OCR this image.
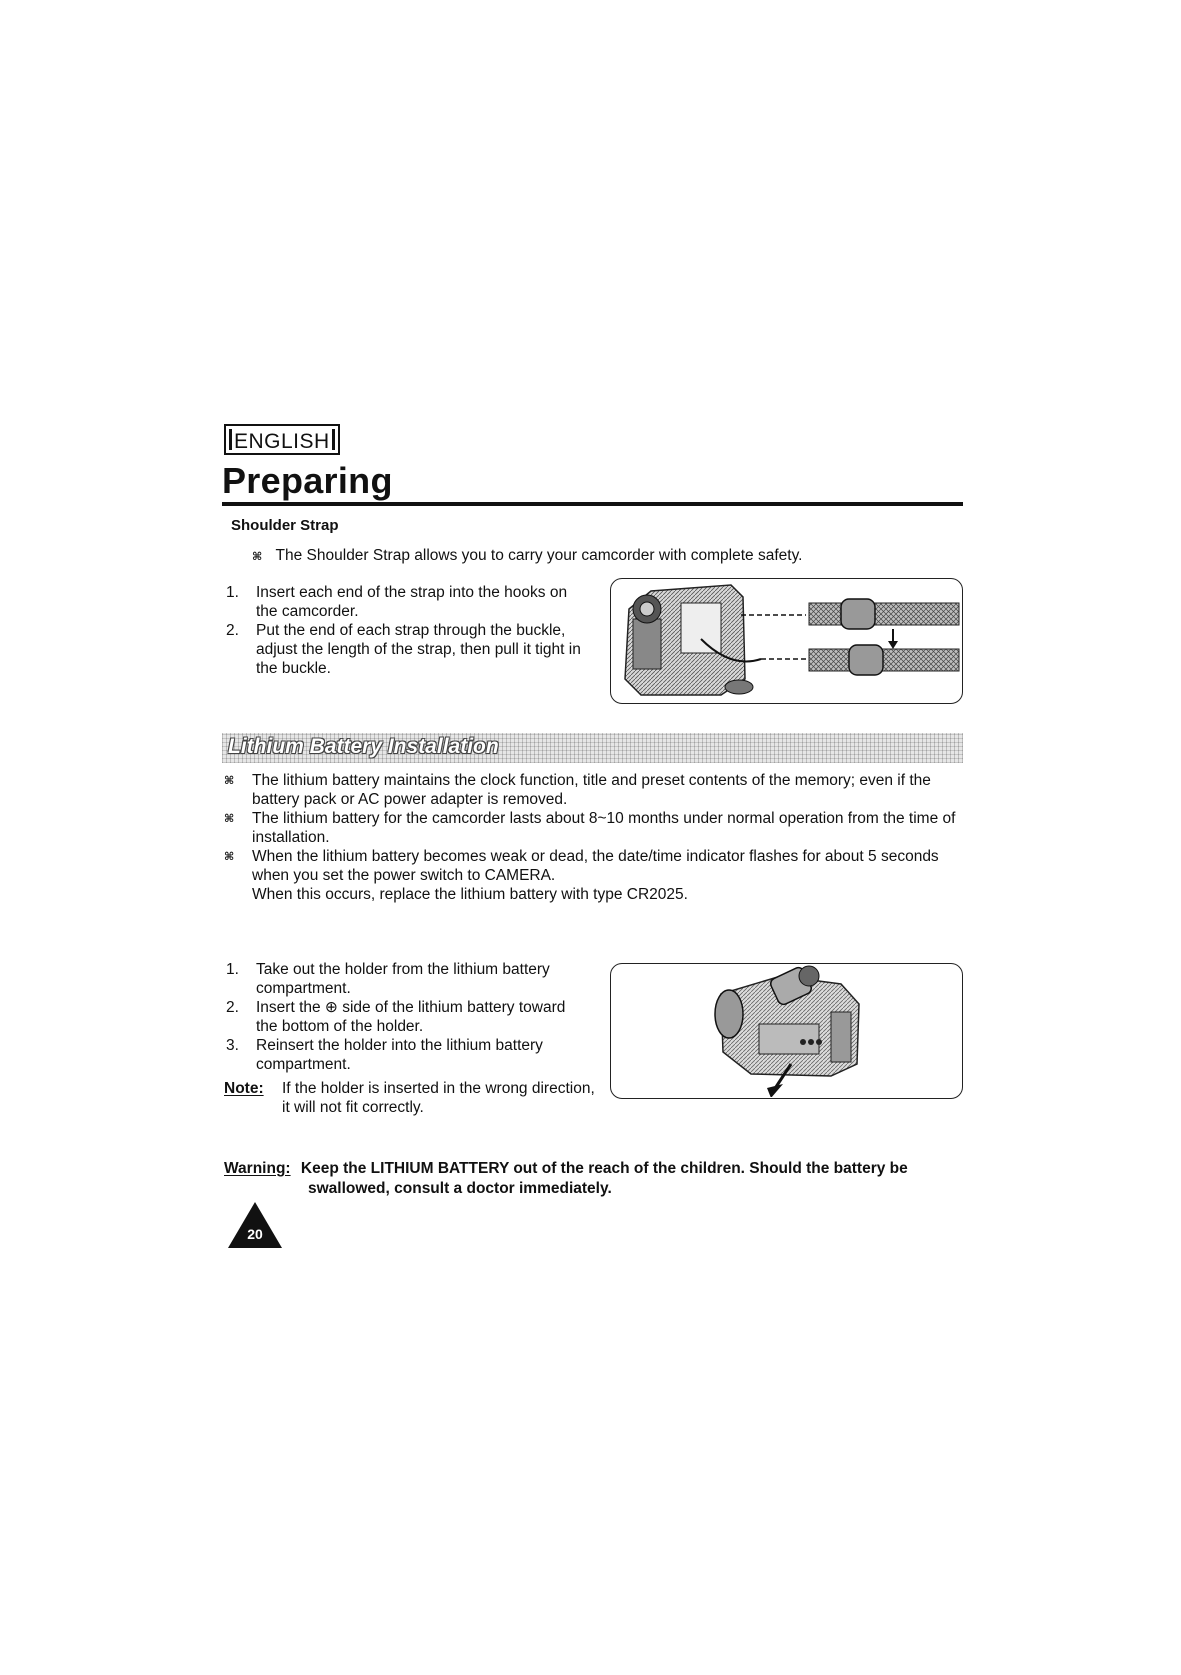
ENGLISH
Preparing
Shoulder Strap
⌘ The Shoulder Strap allows you to carry your camcorder with complete safety.
1. Insert each end of the strap into the hooks on
the camcorder.
2. Put the end of each strap through the buckle,
adjust the length of the strap, then pull it tight in
the buckle.
Lithium Battery Installation
⌘ The lithium battery maintains the clock function, title and preset contents of the memory; even if the
battery pack or AC power adapter is removed.
⌘ The lithium battery for the camcorder lasts about 8~10 months under normal operation from the time of
installation.
⌘ When the lithium battery becomes weak or dead, the date/time indicator flashes for about 5 seconds
when you set the power switch to CAMERA.
When this occurs, replace the lithium battery with type CR2025.
1. Take out the holder from the lithium battery
compartment.
2. Insert the ⊕ side of the lithium battery toward
the bottom of the holder.
3. Reinsert the holder into the lithium battery
compartment.
Note: If the holder is inserted in the wrong direction,
it will not fit correctly.
Warning: Keep the LITHIUM BATTERY out of the reach of the children. Should the battery be
swallowed, consult a doctor immediately.
20
